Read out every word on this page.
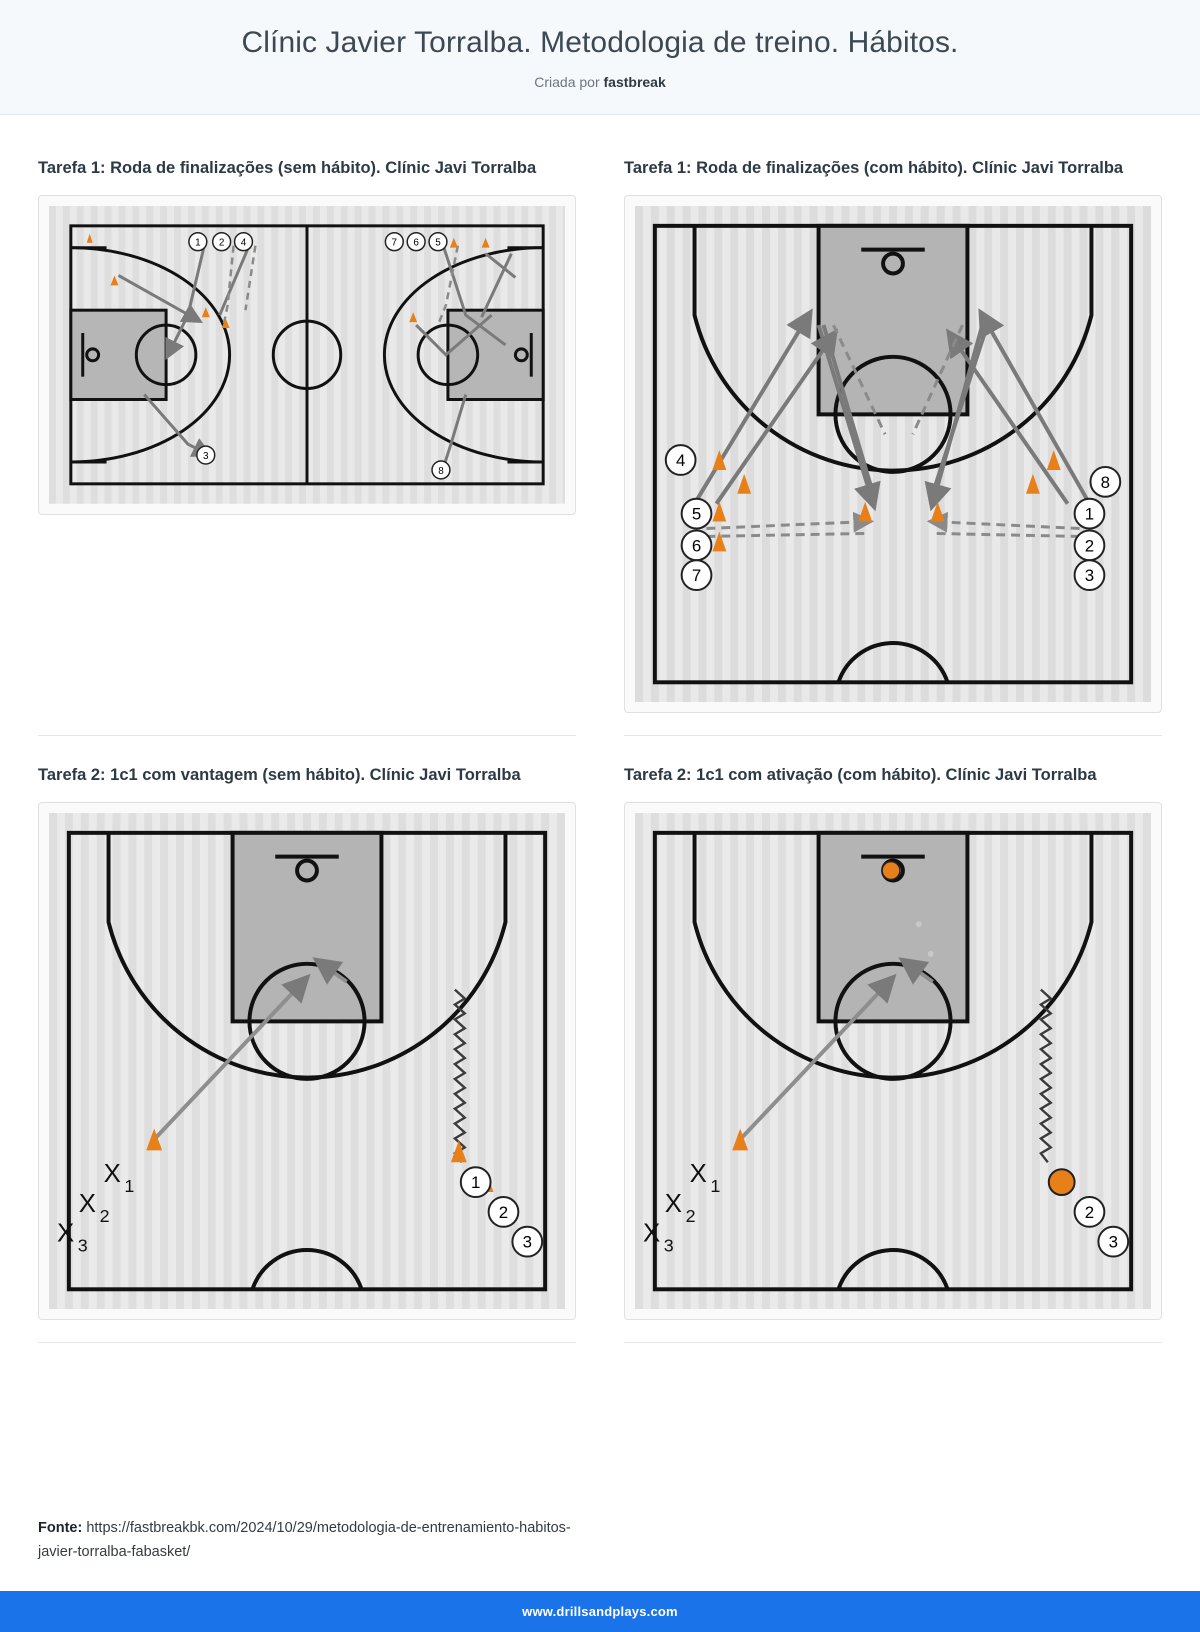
Clínic Javier Torralba. Metodologia de treino. Hábitos.
Criada por fastbreak
Tarefa 1: Roda de finalizações (sem hábito). Clínic Javi Torralba
1 2 4	7 6 5
3
8
Tarefa 1: Roda de finalizações (com hábito). Clínic Javi Torralba
4
5
6
7
8
1
2
3
Tarefa 2: 1c1 com vantagem (sem hábito). Clínic Javi Torralba
X 1
X 2
X 3
1
2
3
Tarefa 2: 1c1 com ativação (com hábito). Clínic Javi Torralba
X 1
X 2
X 3
2
3
Fonte: https://fastbreakbk.com/2024/10/29/metodologia-de-entrenamiento-habitos-javier-torralba-fabasket/
www.drillsandplays.com
